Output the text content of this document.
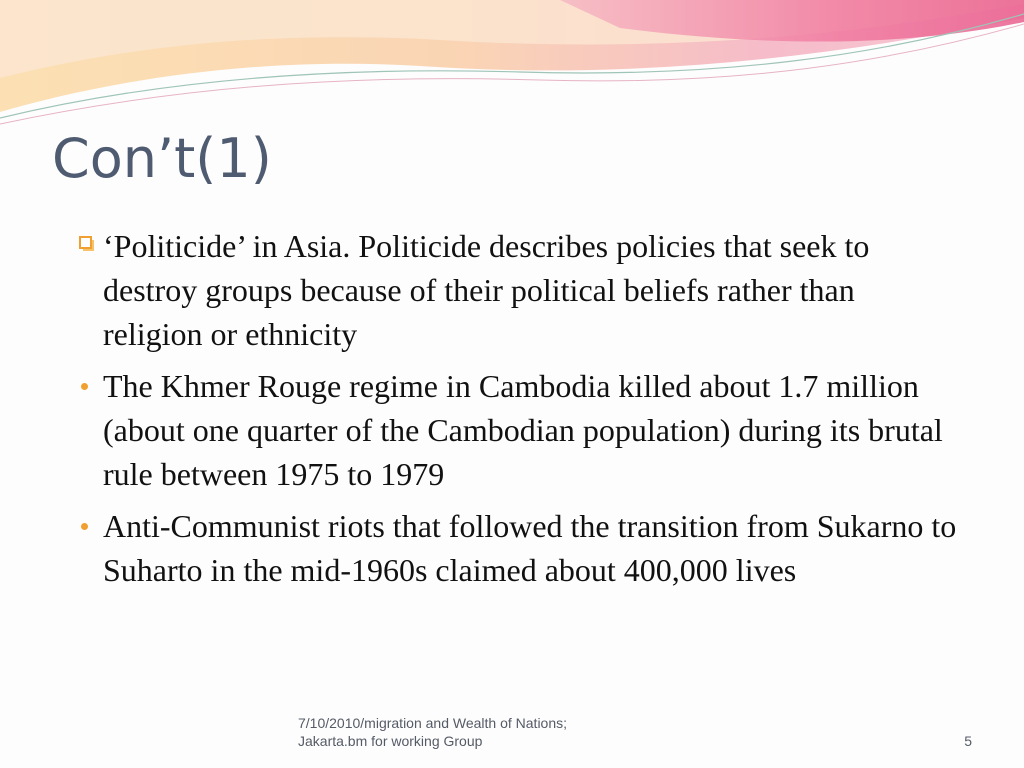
Con’t(1)
‘Politicide’ in Asia. Politicide describes policies that seek to destroy groups because of their political beliefs rather than religion or ethnicity
The Khmer Rouge regime in Cambodia killed about 1.7 million (about one quarter of the Cambodian population) during its brutal rule between 1975 to 1979
Anti-Communist riots that followed the transition from Sukarno to Suharto in the mid-1960s claimed about 400,000 lives
7/10/2010/migration and Wealth of Nations;
Jakarta.bm for working Group	5
